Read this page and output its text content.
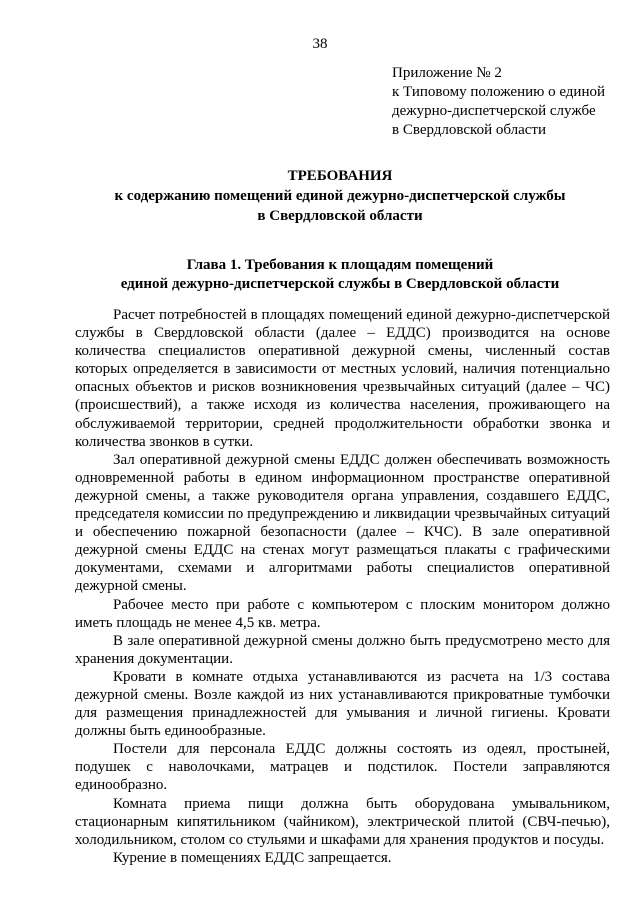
38
Приложение № 2
к Типовому положению о единой
дежурно-диспетчерской службе
в Свердловской области
ТРЕБОВАНИЯ
к содержанию помещений единой дежурно-диспетчерской службы
в Свердловской области
Глава 1. Требования к площадям помещений
единой дежурно-диспетчерской службы в Свердловской области

Расчет потребностей в площадях помещений единой дежурно-диспетчерской службы в Свердловской области (далее – ЕДДС) производится на основе количества специалистов оперативной дежурной смены, численный состав которых определяется в зависимости от местных условий, наличия потенциально опасных объектов и рисков возникновения чрезвычайных ситуаций (далее – ЧС) (происшествий), а также исходя из количества населения, проживающего на обслуживаемой территории, средней продолжительности обработки звонка и количества звонков в сутки.

Зал оперативной дежурной смены ЕДДС должен обеспечивать возможность одновременной работы в едином информационном пространстве оперативной дежурной смены, а также руководителя органа управления, создавшего ЕДДС, председателя комиссии по предупреждению и ликвидации чрезвычайных ситуаций и обеспечению пожарной безопасности (далее – КЧС). В зале оперативной дежурной смены ЕДДС на стенах могут размещаться плакаты с графическими документами, схемами и алгоритмами работы специалистов оперативной дежурной смены.

Рабочее место при работе с компьютером с плоским монитором должно иметь площадь не менее 4,5 кв. метра.

В зале оперативной дежурной смены должно быть предусмотрено место для хранения документации.

Кровати в комнате отдыха устанавливаются из расчета на 1/3 состава дежурной смены. Возле каждой из них устанавливаются прикроватные тумбочки для размещения принадлежностей для умывания и личной гигиены. Кровати должны быть единообразные.

Постели для персонала ЕДДС должны состоять из одеял, простыней, подушек с наволочками, матрацев и подстилок. Постели заправляются единообразно.

Комната приема пищи должна быть оборудована умывальником, стационарным кипятильником (чайником), электрической плитой (СВЧ-печью), холодильником, столом со стульями и шкафами для хранения продуктов и посуды.

Курение в помещениях ЕДДС запрещается.
